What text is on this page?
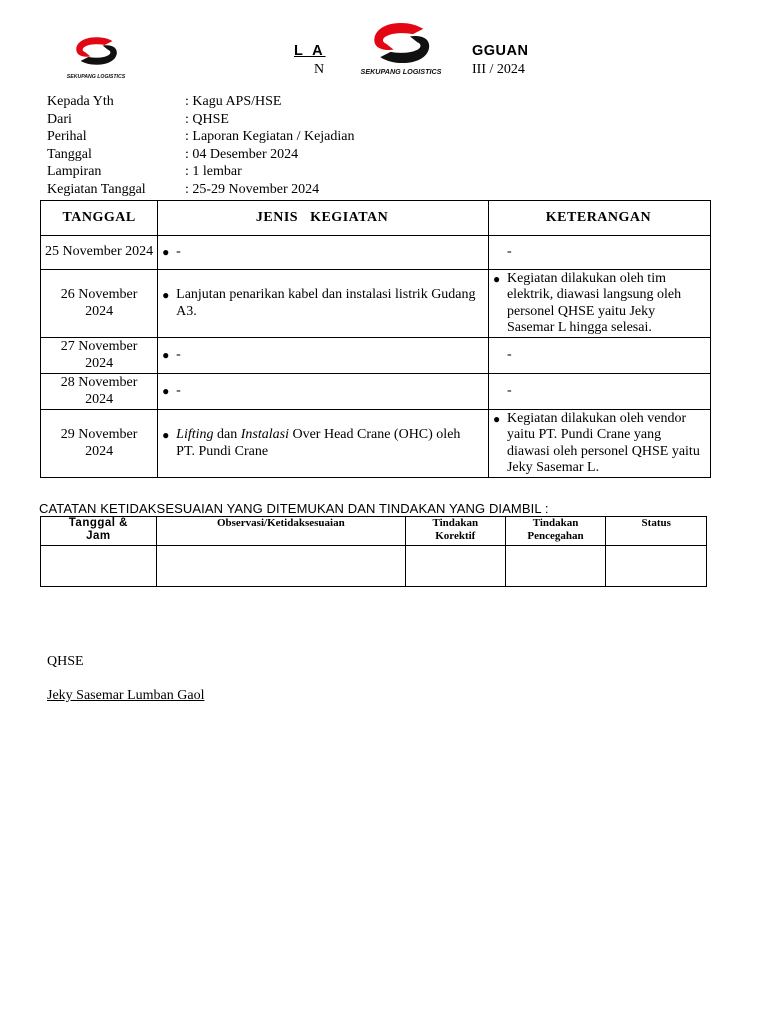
SEKUPANG LOGISTICS
L A	GGUAN
N	III / 2024
SEKUPANG LOGISTICS
Kepada Yth	: Kagu APS/HSE
Dari	: QHSE
Perihal	: Laporan Kegiatan / Kejadian
Tanggal	: 04 Desember 2024
Lampiran	: 1 lembar
Kegiatan Tanggal	: 25-29 November 2024
TANGGAL	JENIS   KEGIATAN	KETERANGAN
25 November 2024	● -	-

26 November 2024	● Lanjutan penarikan kabel dan instalasi listrik Gudang A3.	● Kegiatan dilakukan oleh tim elektrik, diawasi langsung oleh personel QHSE yaitu Jeky Sasemar L hingga selesai.

27 November 2024	● -	-

28 November 2024	● -	-

29 November 2024	● Lifting dan Instalasi Over Head Crane (OHC) oleh PT. Pundi Crane	● Kegiatan dilakukan oleh vendor yaitu PT. Pundi Crane yang diawasi oleh personel QHSE yaitu Jeky Sasemar L.
CATATAN KETIDAKSESUAIAN YANG DITEMUKAN DAN TINDAKAN YANG DIAMBIL :
Tanggal & Jam	Observasi/Ketidaksesuaian	Tindakan Korektif	Tindakan Pencegahan	Status

QHSE
Jeky Sasemar Lumban Gaol
